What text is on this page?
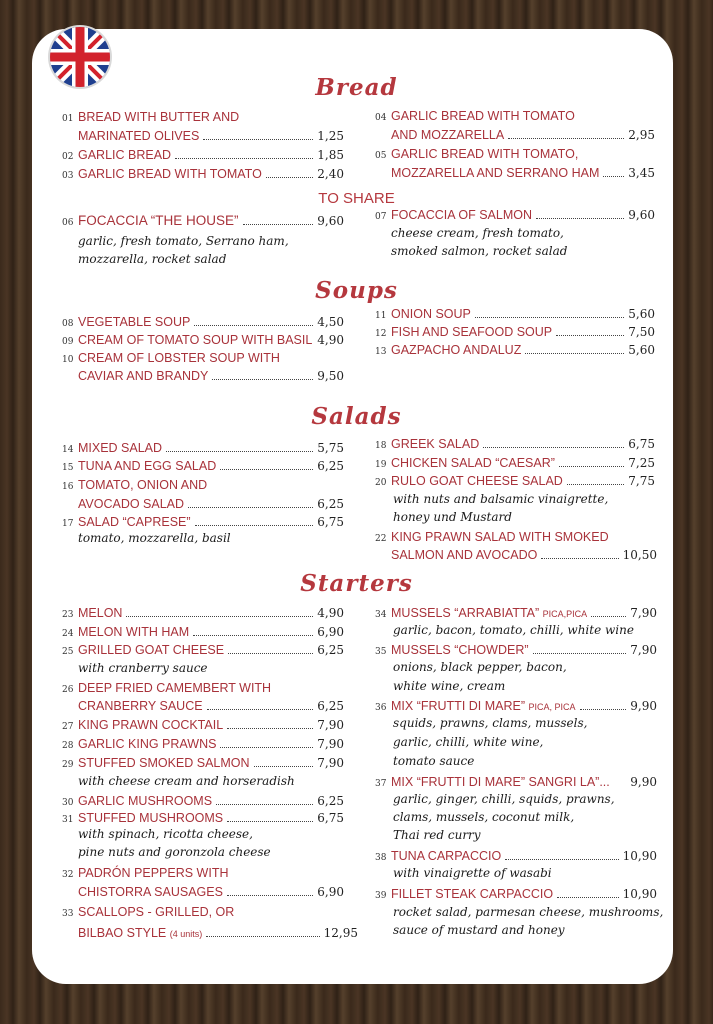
Bread
01 BREAD WITH BUTTER AND
MARINATED OLIVES	1,25
02 GARLIC BREAD	1,85
03 GARLIC BREAD WITH TOMATO	2,40
04 GARLIC BREAD WITH TOMATO
AND MOZZARELLA	2,95
05 GARLIC BREAD WITH TOMATO,
MOZZARELLA AND SERRANO HAM 3,45
TO SHARE
06 FOCACCIA “THE HOUSE”	9,60
garlic, fresh tomato, Serrano ham,
mozzarella, rocket salad
07 FOCACCIA OF SALMON	9,60
cheese cream, fresh tomato,
smoked salmon, rocket salad
Soups
08 VEGETABLE SOUP	4,50
09 CREAM OF TOMATO SOUP WITH BASIL 4,90
10 CREAM OF LOBSTER SOUP WITH
CAVIAR AND BRANDY	9,50
11 ONION SOUP	5,60
12 FISH AND SEAFOOD SOUP	7,50
13 GAZPACHO ANDALUZ	5,60
Salads
14 MIXED SALAD	5,75
15 TUNA AND EGG SALAD	6,25
16 TOMATO, ONION AND
AVOCADO SALAD	6,25
17 SALAD “CAPRESE”	6,75
tomato, mozzarella, basil
18 GREEK SALAD	6,75
19 CHICKEN SALAD “CAESAR”	7,25
20 RULO GOAT CHEESE SALAD	7,75
with nuts and balsamic vinaigrette,
honey und Mustard
22 KING PRAWN SALAD WITH SMOKED
SALMON AND AVOCADO	10,50
Starters
23 MELON	4,90
24 MELON WITH HAM	6,90
25 GRILLED GOAT CHEESE	6,25
with cranberry sauce
26 DEEP FRIED CAMEMBERT WITH
CRANBERRY SAUCE	6,25
27 KING PRAWN COCKTAIL	7,90
28 GARLIC KING PRAWNS	7,90
29 STUFFED SMOKED SALMON	7,90
with cheese cream and horseradish
30 GARLIC MUSHROOMS	6,25
31 STUFFED MUSHROOMS	6,75
with spinach, ricotta cheese,
pine nuts and goronzola cheese
32 PADRÓN PEPPERS WITH
CHISTORRA SAUSAGES	6,90
33 SCALLOPS - GRILLED, OR
BILBAO STYLE (4 units)	12,95
34 MUSSELS “ARRABIATTA” PICA,PICA	7,90
garlic, bacon, tomato, chilli, white wine
35 MUSSELS “CHOWDER”	7,90
onions, black pepper, bacon,
white wine, cream
36 MIX “FRUTTI DI MARE” PICA, PICA	9,90
squids, prawns, clams, mussels,
garlic, chilli, white wine,
tomato sauce
37 MIX “FRUTTI DI MARE” SANGRI LA”... 9,90
garlic, ginger, chilli, squids, prawns,
clams, mussels, coconut milk,
Thai red curry
38 TUNA CARPACCIO	10,90
with vinaigrette of wasabi
39 FILLET STEAK CARPACCIO	10,90
rocket salad, parmesan cheese, mushrooms,
sauce of mustard and honey
